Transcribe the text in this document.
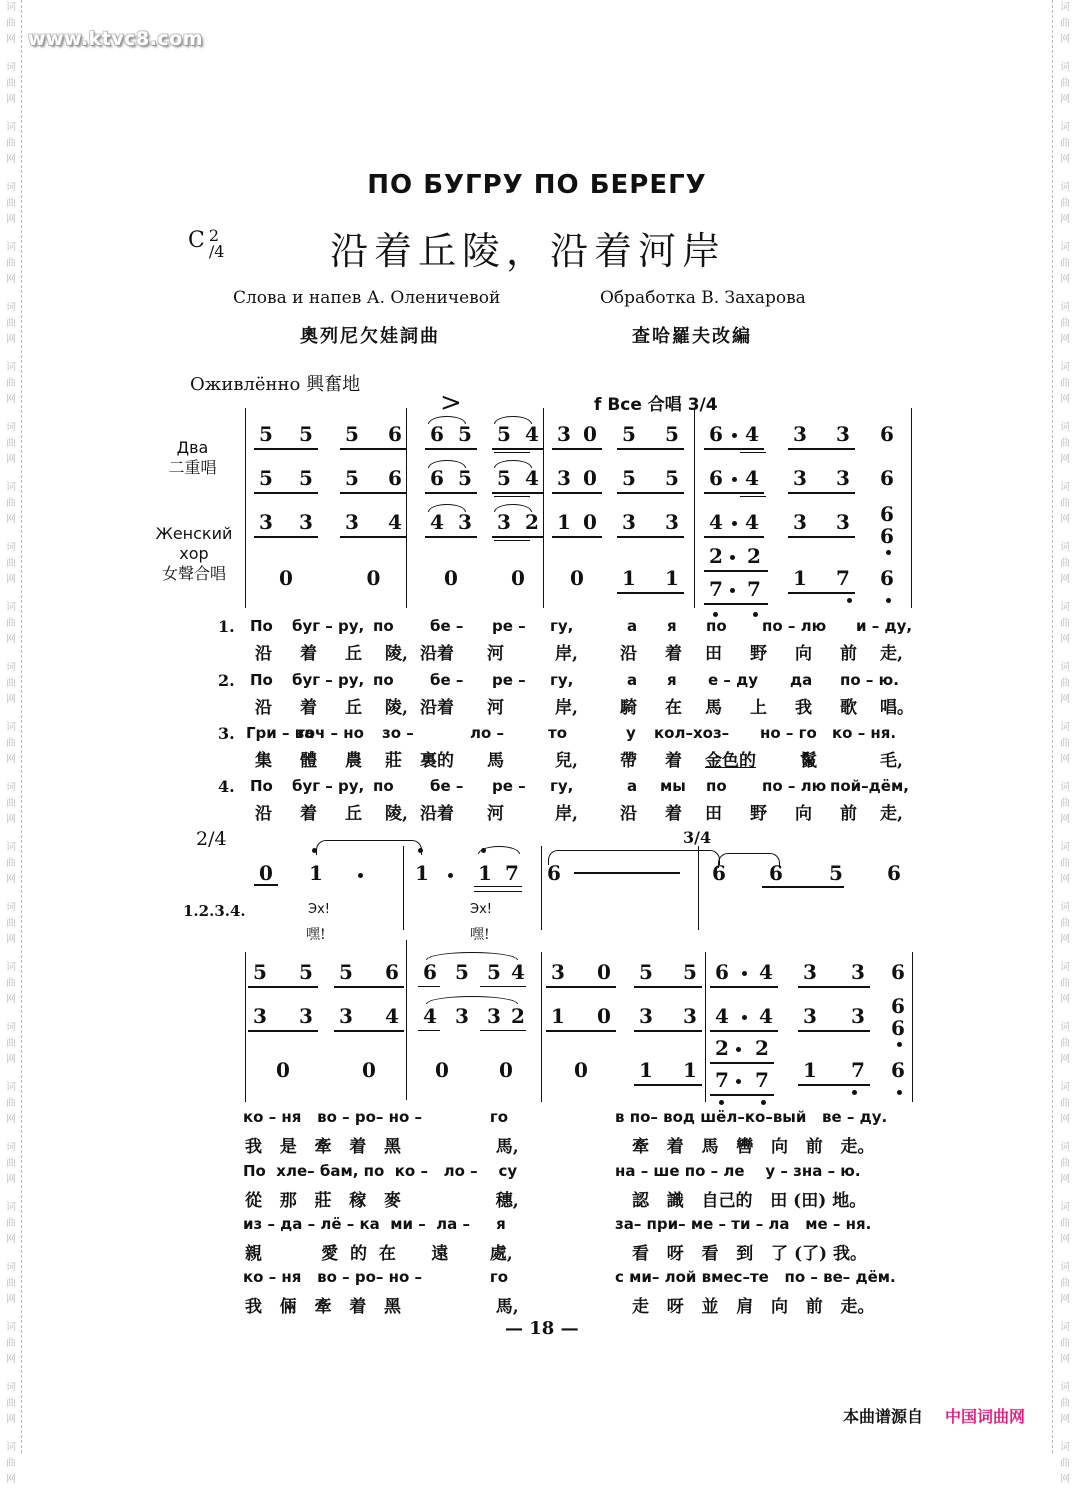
词
曲
网
词
曲
网
词
曲
网
词
曲
网
词
曲
网
词
曲
网
词
曲
网
词
曲
网
词
曲
网
词
曲
网
词
曲
网
词
曲
网
词
曲
网
词
曲
网
词
曲
网
词
曲
网
词
曲
网
词
曲
网
词
曲
网
词
曲
网
词
曲
网
词
曲
网
词
曲
网
词
曲
网
词
曲
网
词
曲
网
词
曲
网
词
曲
网
词
曲
网
词
曲
网
词
曲
网
词
曲
网
词
曲
网
词
曲
网
词
曲
网
词
曲
网
词
曲
网
词
曲
网
词
曲
网
词
曲
网
词
曲
网
词
曲
网
词
曲
网
词
曲
网
词
曲
网
词
曲
网
词
曲
网
词
曲
网
词
曲
网
词
曲
网
www.ktvc8.com
ПО БУГРУ ПО БЕРЕГУ
C 2
/4	沿着丘陵，沿着河岸
Слова и напев А. Оленичевой	Обработка В. Захарова
奧列尼欠娃詞曲	查哈羅夫改編
Оживлённо 興奮地
Два
二重唱
Женский
хор
女聲合唱
>	f Все 合唱 3/4
5 5 5 6 6 5 5 4 3 0 5 5 6 4 3 3 6
5 5 5 6 6 5 5 4 3 0 5 5 6 4 3 3 6
3 3 3 4 4 3 3 2 1 0 3 3 4 4 3 3
0	0	0	0 0 1 1	1 7 6
6
6
2 2
7 7
1. По буг – ру, по бе – ре – гу,	а я по по – лю и – ду,
沿 着 丘 陵, 沿着 河	岸, 沿 着 田 野 向 前 走,
2. По буг – ру, по бе – ре – гу,	а я е – ду да по – ю.
沿 着 丘 陵, 沿着 河	岸, 騎 在 馬 上 我 歌 唱。
3. Гри – ва
точ – но зо –	ло –	то	у кол–хоз– но – го ко – ня.
集 體 農 莊 裏的 馬	兒, 帶 着 金色的	鬣	毛,
4. По буг – ру, по бе – ре – гу,	а мы по по – лю пой–дём,
沿 着 丘 陵, 沿着 河	岸, 沿 着 田 野 向 前 走,
2/4	3/4
1.2.3.4.	Эх!
嘿!
Эх!
嘿!
0 1	1 1 7 6	6 6 5 6
5 5 5 6 6 5 5 4 3 0 5 5 6 4 3 3 6
3 3 3 4 4 3 3 2 1 0 3 3 4 4 3 3
0	0	0	0	0	1 1	1 7 6
6
6
2 2
7 7
ко – ня   во – ро– но –             го	в по– вод шёл–ко–вый   ве – ду.
我   是   牽   着   黑                馬,	牽   着   馬   轡   向   前   走。
По  хле– бам, по  ко –   ло –    су	на – ше по – ле    у – зна – ю.
從   那   莊   稼   麥                穗,	認   識   自己的   田 (田) 地。
из – да – лё – ка  ми –  ла –     я	за– при– ме – ти – ла   ме – ня.
親          愛  的  在      遠       處,	看   呀   看   到   了 (了) 我。
ко – ня   во – ро– но –             го	с ми– лой вмес–те   по – ве– дём.
我   倆   牽   着   黑                馬,	走   呀   並   肩   向   前   走。
— 18 —
本曲谱源自 中国词曲网
